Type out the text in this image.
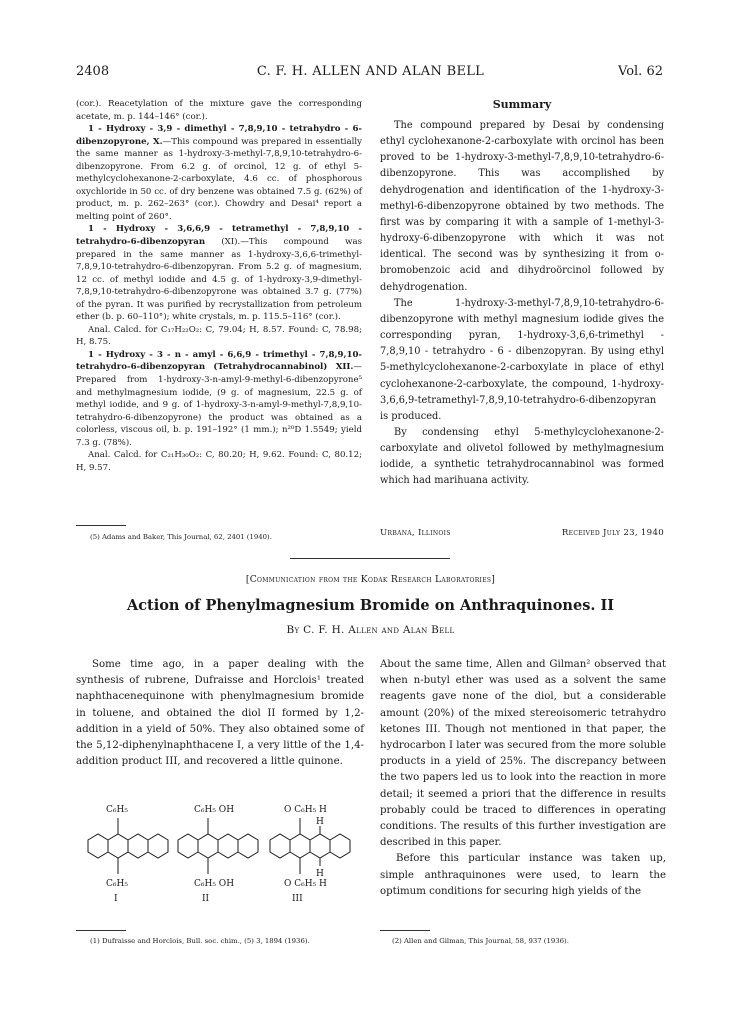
2408	C. F. H. ALLEN AND ALAN BELL	Vol. 62

(cor.). Reacetylation of the mixture gave the corresponding acetate, m. p. 144–146° (cor.).

1 - Hydroxy - 3,9 - dimethyl - 7,8,9,10 - tetrahydro - 6-dibenzopyrone, X.—This compound was prepared in essentially the same manner as 1-hydroxy-3-methyl-7,8,9,10-tetrahydro-6-dibenzopyrone. From 6.2 g. of orcinol, 12 g. of ethyl 5-methylcyclohexanone-2-carboxylate, 4.6 cc. of phosphorous oxychloride in 50 cc. of dry benzene was obtained 7.5 g. (62%) of product, m. p. 262–263° (cor.). Chowdry and Desai⁴ report a melting point of 260°.

1 - Hydroxy - 3,6,6,9 - tetramethyl - 7,8,9,10 - tetrahydro-6-dibenzopyran (XI).—This compound was prepared in the same manner as 1-hydroxy-3,6,6-trimethyl-7,8,9,10-tetrahydro-6-dibenzopyran. From 5.2 g. of magnesium, 12 cc. of methyl iodide and 4.5 g. of 1-hydroxy-3,9-dimethyl-7,8,9,10-tetrahydro-6-dibenzopyrone was obtained 3.7 g. (77%) of the pyran. It was purified by recrystallization from petroleum ether (b. p. 60–110°); white crystals, m. p. 115.5–116° (cor.).

Anal. Calcd. for C₁₇H₂₂O₂: C, 79.04; H, 8.57. Found: C, 78.98; H, 8.75.

1 - Hydroxy - 3 - n - amyl - 6,6,9 - trimethyl - 7,8,9,10-tetrahydro-6-dibenzopyran (Tetrahydrocannabinol) XII.—Prepared from 1-hydroxy-3-n-amyl-9-methyl-6-dibenzopyrone⁵ and methylmagnesium iodide, (9 g. of magnesium, 22.5 g. of methyl iodide, and 9 g. of 1-hydroxy-3-n-amyl-9-methyl-7,8,9,10-tetrahydro-6-dibenzopyrone) the product was obtained as a colorless, viscous oil, b. p. 191–192° (1 mm.); n²⁰D 1.5549; yield 7.3 g. (78%).

Anal. Calcd. for C₂₁H₃₀O₂: C, 80.20; H, 9.62. Found: C, 80.12; H, 9.57.

(5) Adams and Baker, This Journal, 62, 2401 (1940).
Summary

The compound prepared by Desai by condensing ethyl cyclohexanone-2-carboxylate with orcinol has been proved to be 1-hydroxy-3-methyl-7,8,9,10-tetrahydro-6-dibenzopyrone. This was accomplished by dehydrogenation and identification of the 1-hydroxy-3-methyl-6-dibenzopyrone obtained by two methods. The first was by comparing it with a sample of 1-methyl-3-hydroxy-6-dibenzopyrone with which it was not identical. The second was by synthesizing it from o-bromobenzoic acid and dihydroörcinol followed by dehydrogenation.

The 1-hydroxy-3-methyl-7,8,9,10-tetrahydro-6-dibenzopyrone with methyl magnesium iodide gives the corresponding pyran, 1-hydroxy-3,6,6-trimethyl - 7,8,9,10 - tetrahydro - 6 - dibenzopyran. By using ethyl 5-methylcyclohexanone-2-carboxylate in place of ethyl cyclohexanone-2-carboxylate, the compound, 1-hydroxy-3,6,6,9-tetramethyl-7,8,9,10-tetrahydro-6-dibenzopyran is produced.

By condensing ethyl 5-methylcyclohexanone-2-carboxylate and olivetol followed by methylmagnesium iodide, a synthetic tetrahydrocannabinol was formed which had marihuana activity.

Urbana, Illinois	Received July 23, 1940
[Communication from the Kodak Research Laboratories]
Action of Phenylmagnesium Bromide on Anthraquinones. II
By C. F. H. Allen and Alan Bell

Some time ago, in a paper dealing with the synthesis of rubrene, Dufraisse and Horclois¹ treated naphthacenequinone with phenylmagnesium bromide in toluene, and obtained the diol II formed by 1,2-addition in a yield of 50%. They also obtained some of the 5,12-diphenylnaphthacene I, a very little of the 1,4-addition product III, and recovered a little quinone.

About the same time, Allen and Gilman² observed that when n-butyl ether was used as a solvent the same reagents gave none of the diol, but a considerable amount (20%) of the mixed stereoisomeric tetrahydro ketones III. Though not mentioned in that paper, the hydrocarbon I later was secured from the more soluble products in a yield of 25%. The discrepancy between the two papers led us to look into the reaction in more detail; it seemed a priori that the difference in results probably could be traced to differences in operating conditions. The results of this further investigation are described in this paper.

Before this particular instance was taken up, simple anthraquinones were used, to learn the optimum conditions for securing high yields of the

C₆H₅
C₆H₅
I
C₆H₅ OH
C₆H₅ OH
II
O C₆H₅ H
H
H
O C₆H₅ H
III
(1) Dufraisse and Horclois, Bull. soc. chim., (5) 3, 1894 (1936).	(2) Allen and Gilman, This Journal, 58, 937 (1936).
